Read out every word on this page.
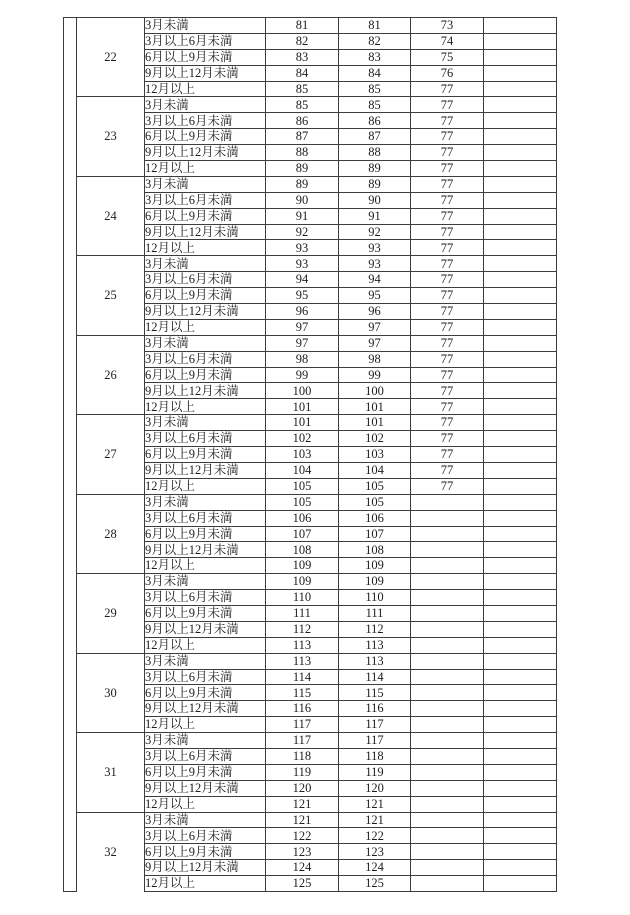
	22	3月未満	81	81	73	
		3月以上6月未満	82	82	74	
		6月以上9月未満	83	83	75	
		9月以上12月未満	84	84	76	
		12月以上	85	85	77	
	23	3月未満	85	85	77	
		3月以上6月未満	86	86	77	
		6月以上9月未満	87	87	77	
		9月以上12月未満	88	88	77	
		12月以上	89	89	77	
	24	3月未満	89	89	77	
		3月以上6月未満	90	90	77	
		6月以上9月未満	91	91	77	
		9月以上12月未満	92	92	77	
		12月以上	93	93	77	
	25	3月未満	93	93	77	
		3月以上6月未満	94	94	77	
		6月以上9月未満	95	95	77	
		9月以上12月未満	96	96	77	
		12月以上	97	97	77	
	26	3月未満	97	97	77	
		3月以上6月未満	98	98	77	
		6月以上9月未満	99	99	77	
		9月以上12月未満	100	100	77	
		12月以上	101	101	77	
	27	3月未満	101	101	77	
		3月以上6月未満	102	102	77	
		6月以上9月未満	103	103	77	
		9月以上12月未満	104	104	77	
		12月以上	105	105	77	
	28	3月未満	105	105		
		3月以上6月未満	106	106		
		6月以上9月未満	107	107		
		9月以上12月未満	108	108		
		12月以上	109	109		
	29	3月未満	109	109		
		3月以上6月未満	110	110		
		6月以上9月未満	111	111		
		9月以上12月未満	112	112		
		12月以上	113	113		
	30	3月未満	113	113		
		3月以上6月未満	114	114		
		6月以上9月未満	115	115		
		9月以上12月未満	116	116		
		12月以上	117	117		
	31	3月未満	117	117		
		3月以上6月未満	118	118		
		6月以上9月未満	119	119		
		9月以上12月未満	120	120		
		12月以上	121	121		
	32	3月未満	121	121		
		3月以上6月未満	122	122		
		6月以上9月未満	123	123		
		9月以上12月未満	124	124		
		12月以上	125	125		
